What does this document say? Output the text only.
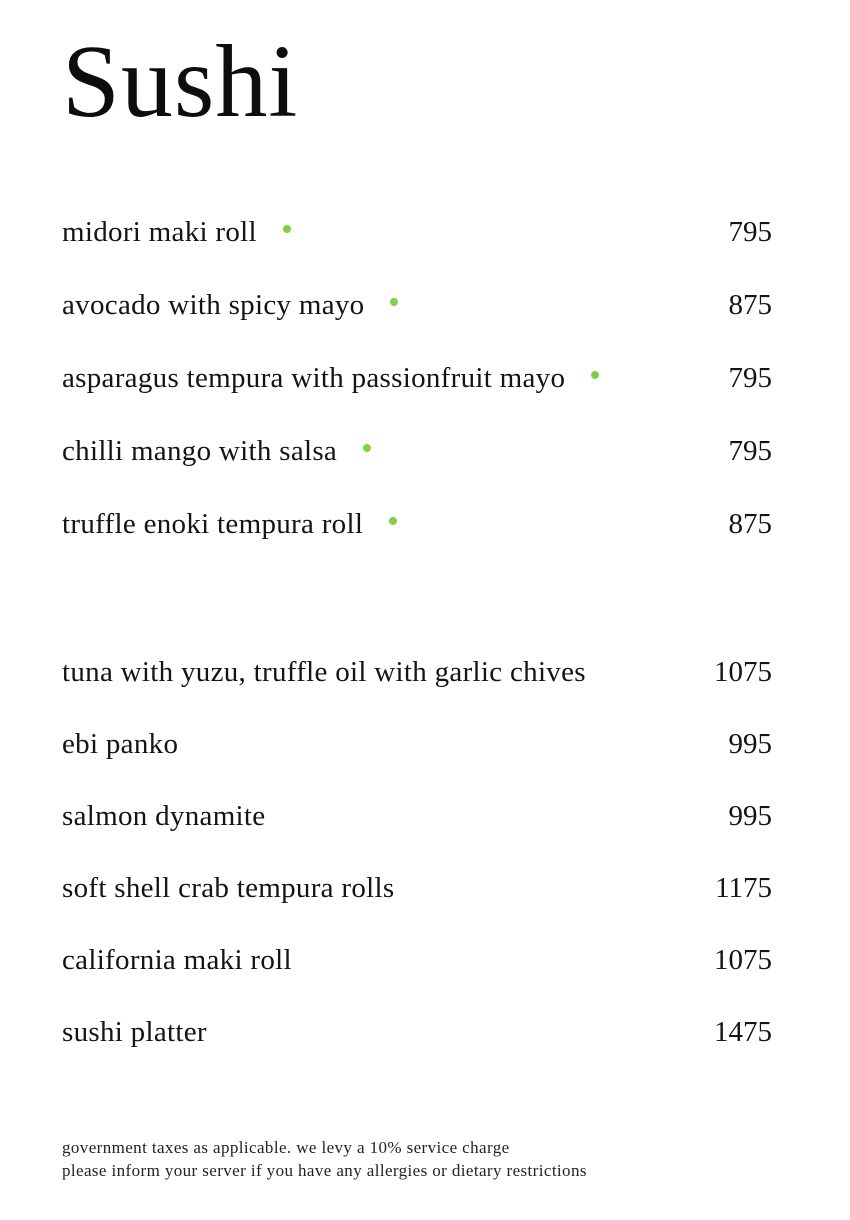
Sushi
midori maki roll	795
avocado with spicy mayo	875
asparagus tempura with passionfruit mayo	795
chilli mango with salsa	795
truffle enoki tempura roll	875
tuna with yuzu, truffle oil with garlic chives	1075
ebi panko	995
salmon dynamite	995
soft shell crab tempura rolls	1175
california maki roll	1075
sushi platter	1475

government taxes as applicable. we levy a 10% service charge

please inform your server if you have any allergies or dietary restrictions
